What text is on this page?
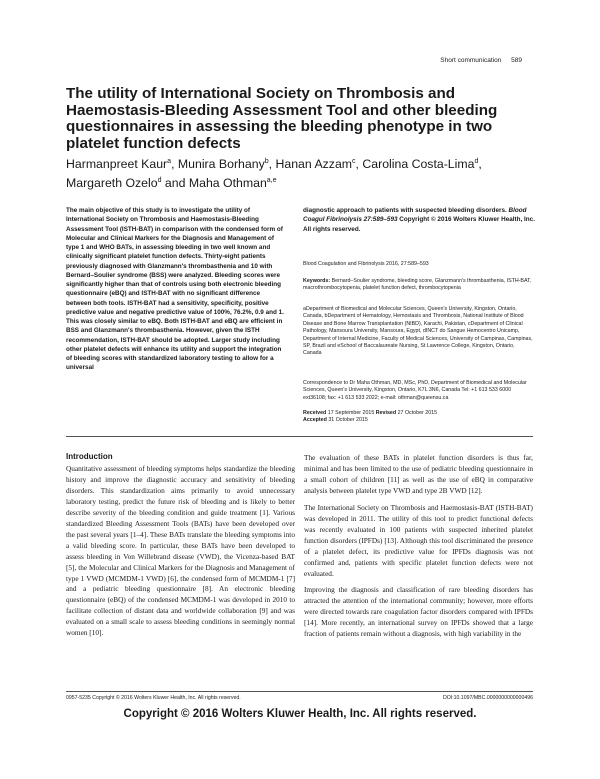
Short communication 589
The utility of International Society on Thrombosis and Haemostasis-Bleeding Assessment Tool and other bleeding questionnaires in assessing the bleeding phenotype in two platelet function defects
Harmanpreet Kaur$^a$, Munira Borhany$^b$, Hanan Azzam$^c$, Carolina Costa-Lima$^d$,
Margareth Ozelo$^d$ and Maha Othman$^{a,e}$
The main objective of this study is to investigate the utility of International Society on Thrombosis and Haemostasis-Bleeding Assessment Tool (ISTH-BAT) in comparison with the condensed form of Molecular and Clinical Markers for the Diagnosis and Management of type 1 and WHO BATs, in assessing bleeding in two well known and clinically significant platelet function defects. Thirty-eight patients previously diagnosed with Glanzmann's thrombasthenia and 10 with Bernard–Soulier syndrome (BSS) were analyzed. Bleeding scores were significantly higher than that of controls using both electronic bleeding questionnaire (eBQ) and ISTH-BAT with no significant difference between both tools. ISTH-BAT had a sensitivity, specificity, positive predictive value and negative predictive value of 100%, 76.2%, 0.9 and 1. This was closely similar to eBQ. Both ISTH-BAT and eBQ are efficient in BSS and Glanzmann's thrombasthenia. However, given the ISTH recommendation, ISTH-BAT should be adopted. Larger study including other platelet defects will enhance its utility and support the integration of bleeding scores with standardized laboratory testing to allow for a universal
diagnostic approach to patients with suspected bleeding disorders. Blood Coagul Fibrinolysis 27:589–593 Copyright © 2016 Wolters Kluwer Health, Inc. All rights reserved.
Blood Coagulation and Fibrinolysis 2016, 27:589–593
Keywords: Bernard–Soulier syndrome, bleeding score, Glanzmann's thrombasthenia, ISTH-BAT, macrothrombocytopenia, platelet function defect, thrombocytopenia
aDepartment of Biomedical and Molecular Sciences, Queen's University, Kingston, Ontario, Canada, bDepartment of Hematology, Hemostasis and Thrombosis, National Institute of Blood Disease and Bone Marrow Transplantation (NIBD), Karachi, Pakistan, cDepartment of Clinical Pathology, Mansoura University, Mansoura, Egypt, dINCT do Sangue Hemocentro Unicamp, Department of Internal Medicine, Faculty of Medical Sciences, University of Campinas, Campinas, SP, Brazil and eSchool of Baccalaureate Nursing, St Lawrence College, Kingston, Ontario, Canada
Correspondence to Dr Maha Othman, MD, MSc, PhD, Department of Biomedical and Molecular Sciences, Queen's University, Kingston, Ontario, K7L 3N6, Canada Tel: +1 613 533 6000 ext36108; fax: +1 613 533 2022; e-mail: othman@queensu.ca
Received 17 September 2015 Revised 27 October 2015
Accepted 31 October 2015
Introduction

Quantitative assessment of bleeding symptoms helps standardize the bleeding history and improve the diagnostic accuracy and sensitivity of bleeding disorders. This standardization aims primarily to avoid unnecessary laboratory testing, predict the future risk of bleeding and is likely to better describe severity of the bleeding condition and guide treatment [1]. Various standardized Bleeding Assessment Tools (BATs) have been developed over the past several years [1–4]. These BATs translate the bleeding symptoms into a valid bleeding score. In particular, these BATs have been developed to assess bleeding in Von Willebrand disease (VWD), the Vicenza-based BAT [5], the Molecular and Clinical Markers for the Diagnosis and Management of type 1 VWD (MCMDM-1 VWD) [6], the condensed form of MCMDM-1 [7] and a pediatric bleeding questionnaire [8]. An electronic bleeding questionnaire (eBQ) of the condensed MCMDM-1 was developed in 2010 to facilitate collection of distant data and worldwide collaboration [9] and was evaluated on a small scale to assess bleeding conditions in seemingly normal women [10].

The evaluation of these BATs in platelet function disorders is thus far, minimal and has been limited to the use of pediatric bleeding questionnaire in a small cohort of children [11] as well as the use of eBQ in comparative analysis between platelet type VWD and type 2B VWD [12].

The International Society on Thrombosis and Haemostasis-BAT (ISTH-BAT) was developed in 2011. The utility of this tool to predict functional defects was recently evaluated in 100 patients with suspected inherited platelet function disorders (IPFDs) [13]. Although this tool discriminated the presence of a platelet defect, its predictive value for IPFDs diagnosis was not confirmed and, patients with specific platelet function defects were not evaluated.

Improving the diagnosis and classification of rare bleeding disorders has attracted the attention of the international community; however, more efforts were directed towards rare coagulation factor disorders compared with IPFDs [14]. More recently, an international survey on IPFDs showed that a large fraction of patients remain without a diagnosis, with high variability in the

0957-5235 Copyright © 2016 Wolters Kluwer Health, Inc. All rights reserved.	DOI:10.1097/MBC.0000000000000496
Copyright © 2016 Wolters Kluwer Health, Inc. All rights reserved.
